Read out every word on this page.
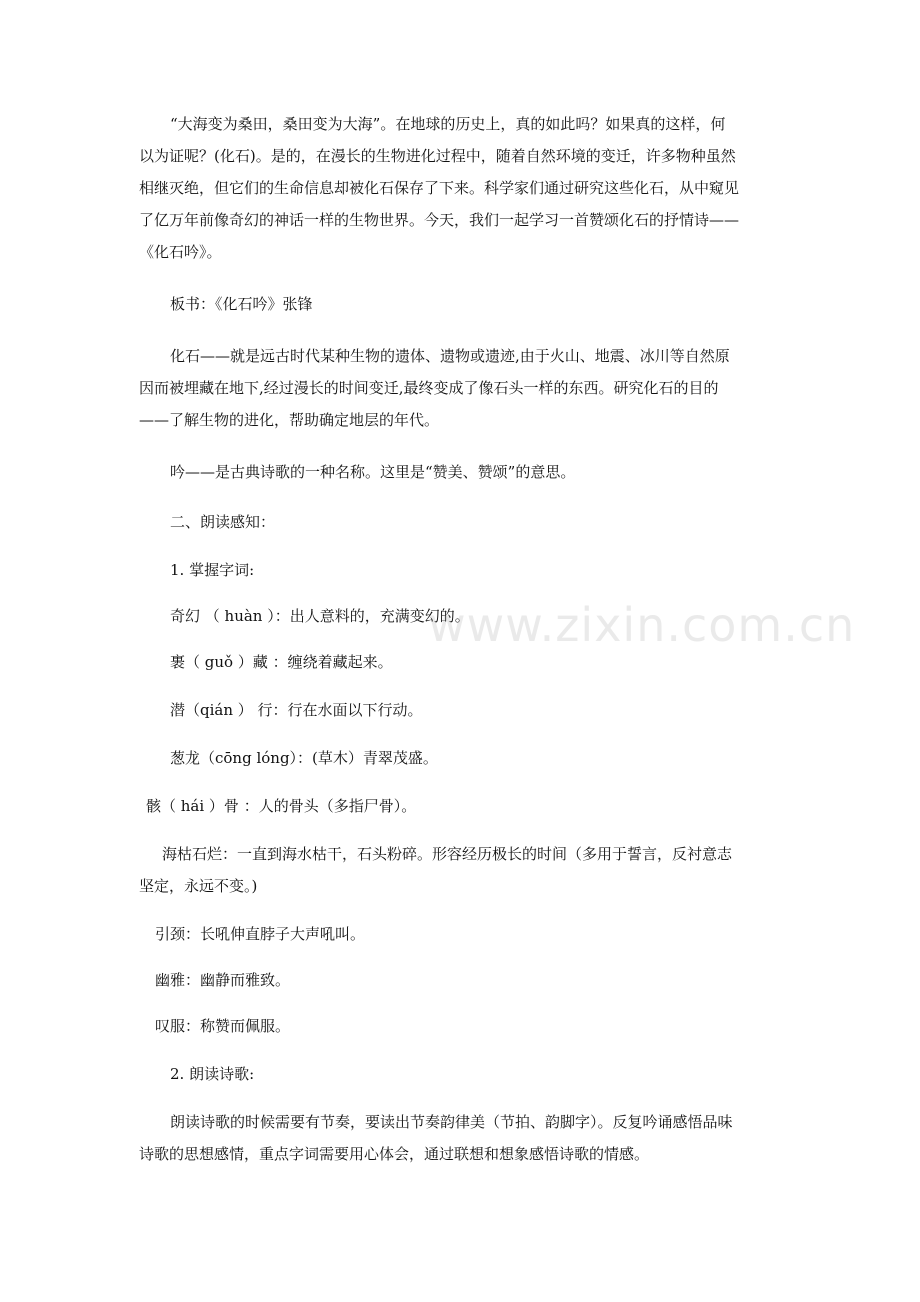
“大海变为桑田，桑田变为大海”。在地球的历史上，真的如此吗？如果真的这样，何

以为证呢？(化石)。是的，在漫长的生物进化过程中，随着自然环境的变迁，许多物种虽然

相继灭绝，但它们的生命信息却被化石保存了下来。科学家们通过研究这些化石，从中窥见

了亿万年前像奇幻的神话一样的生物世界。今天，我们一起学习一首赞颂化石的抒情诗——

《化石吟》。

板书：《化石吟》张锋

化石——就是远古时代某种生物的遗体、遗物或遗迹,由于火山、地震、冰川等自然原

因而被埋藏在地下,经过漫长的时间变迁,最终变成了像石头一样的东西。研究化石的目的

——了解生物的进化，帮助确定地层的年代。

吟——是古典诗歌的一种名称。这里是“赞美、赞颂”的意思。

二、朗读感知：

1. 掌握字词:

奇幻 （ huàn ）：出人意料的，充满变幻的。

裹（ guǒ ）藏 ：缠绕着藏起来。

潜（qián ） 行：行在水面以下行动。

葱龙（cōng lóng）：(草木）青翠茂盛。

骸（ hái ）骨 ：人的骨头（多指尸骨）。

海枯石烂：一直到海水枯干，石头粉碎。形容经历极长的时间（多用于誓言，反衬意志

坚定，永远不变。)

引颈：长吼伸直脖子大声吼叫。

幽雅：幽静而雅致。

叹服：称赞而佩服。

2. 朗读诗歌:

朗读诗歌的时候需要有节奏，要读出节奏韵律美（节拍、韵脚字）。反复吟诵感悟品味

诗歌的思想感情，重点字词需要用心体会，通过联想和想象感悟诗歌的情感。

www.zixin.com.cn
